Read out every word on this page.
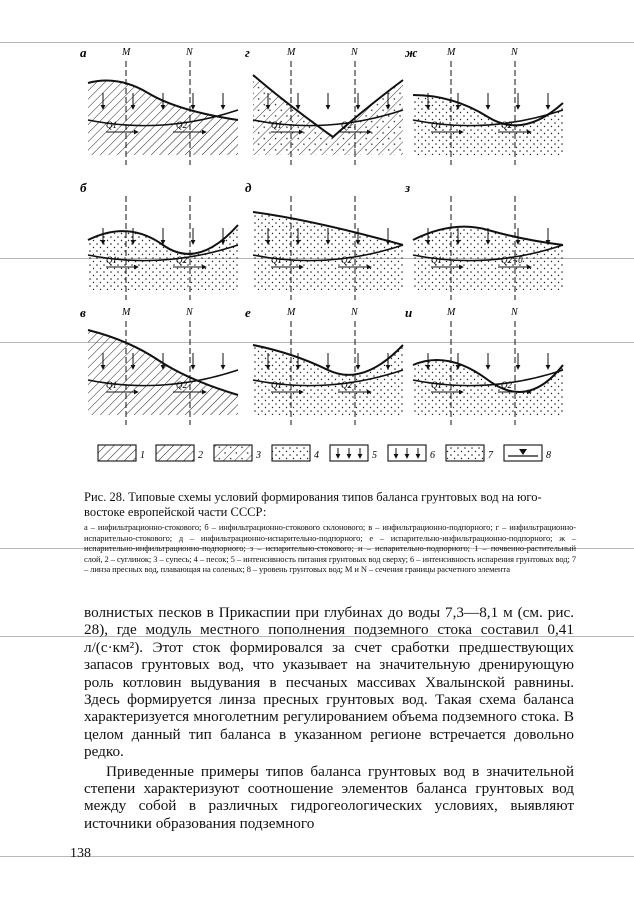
а	M	N
Q1	Q2
б
Q1	Q2
в	M	N
Q1	Q2
г	M	N
Q1	Q2
д
Q1	Q2
е	M	N
Q1	Q2
ж	M	N
Q1	Q2
з
Q1	Q2=0
и	M	N
Q1	Q2
1	2	3	4	5	6	7	8
Рис. 28. Типовые схемы условий формирования типов баланса грунтовых вод на юго-востоке европейской части СССР:
а – инфильтрационно-стокового; б – инфильтрационно-стокового склонового; в – инфильтрационно-подпорного; г – инфильтрационно-испарительно-стокового; д – инфильтрационно-испарительно-подпорного; е – испарительно-инфильтрационно-подпорного; ж – испарительно-инфильтрационно-подпорного; з – испарительно-стокового; и – испарительно-подпорного; 1 – почвенно-растительный слой, 2 – суглинок; 3 – супесь; 4 – песок; 5 – интенсивность питания грунтовых вод сверху; 6 – интенсивность испарения грунтовых вод; 7 – линза пресных вод, плавающая на соленых; 8 – уровень грунтовых вод; M и N – сечения границы расчетного элемента

волнистых песков в Прикаспии при глубинах до воды 7,3—8,1 м (см. рис. 28), где модуль местного пополнения подземного стока составил 0,41 л/(с·км²). Этот сток формировался за счет сработки предшествующих запасов грунтовых вод, что указывает на значительную дренирующую роль котловин выдувания в песчаных массивах Хвалынской равнины. Здесь формируется линза пресных грунтовых вод. Такая схема баланса характеризуется многолетним регулированием объема подземного стока. В целом данный тип баланса в указанном регионе встречается довольно редко.

Приведенные примеры типов баланса грунтовых вод в значительной степени характеризуют соотношение элементов баланса грунтовых вод между собой в различных гидрогеологических условиях, выявляют источники образования подземного

138
